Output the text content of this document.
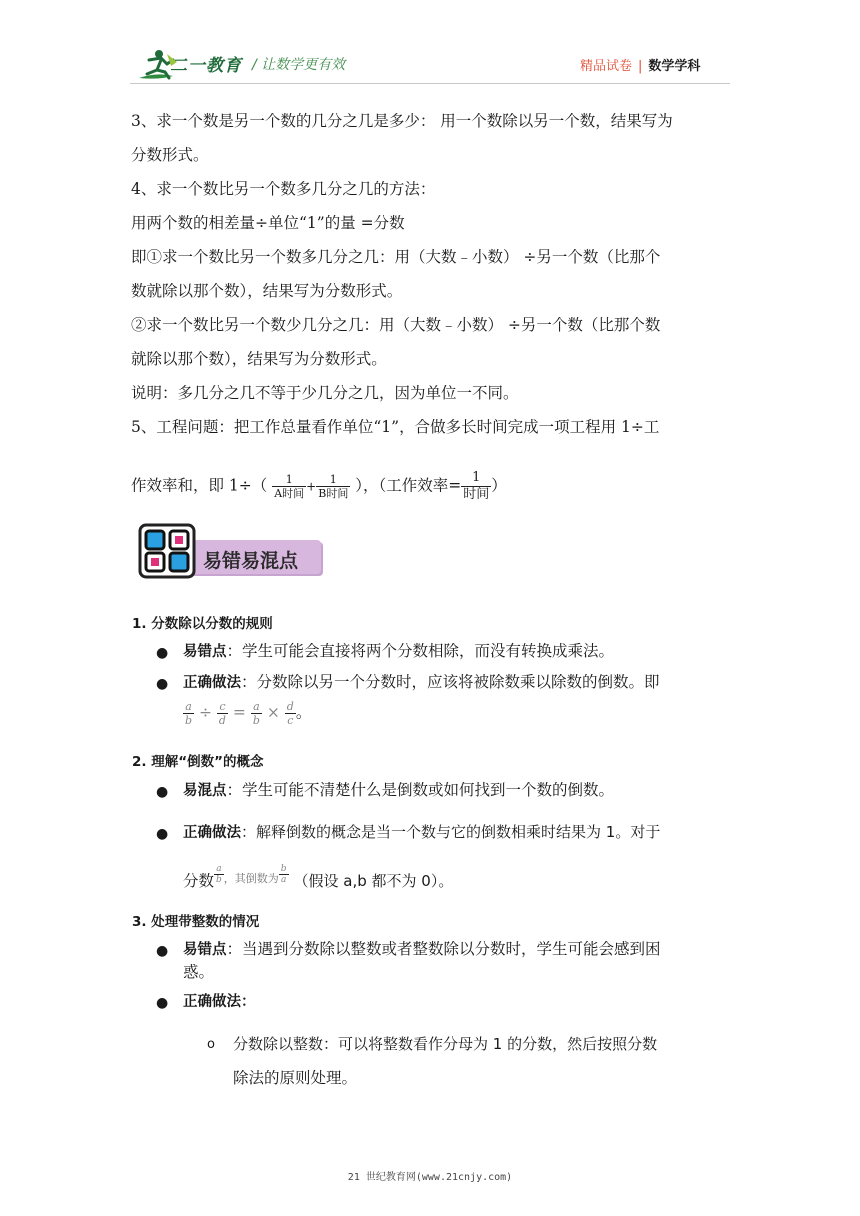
二一教育 / 让数学更有效	精品试卷 | 数学学科
3、求一个数是另一个数的几分之几是多少： 用一个数除以另一个数，结果写为
分数形式。
4、求一个数比另一个数多几分之几的方法：
用两个数的相差量÷单位“1”的量 =分数
即①求一个数比另一个数多几分之几：用（大数﹣小数） ÷另一个数（比那个
数就除以那个数），结果写为分数形式。
②求一个数比另一个数少几分之几：用（大数﹣小数） ÷另一个数（比那个数
就除以那个数），结果写为分数形式。
说明：多几分之几不等于少几分之几，因为单位一不同。
5、工程问题：把工作总量看作单位“1”，合做多长时间完成一项工程用 1÷工
作效率和，即 $1\div( \frac{1}{\text{A时间}} + \frac{1}{\text{B时间}}$ ），（工作效率= $\frac{1}{\text{时间}}$ ）
易错易混点
1. 分数除以分数的规则
● 易错点：学生可能会直接将两个分数相除，而没有转换成乘法。
● 正确做法：分数除以另一个分数时，应该将被除数乘以除数的倒数。即
$\frac{a}{b} \div \frac{c}{d} = \frac{a}{b} \times \frac{d}{c}$ 。
2. 理解“倒数”的概念
● 易混点：学生可能不清楚什么是倒数或如何找到一个数的倒数。
● 正确做法：解释倒数的概念是当一个数与它的倒数相乘时结果为 1。对于
分数 $\frac{a}{b} ^{,其倒数为} \frac{b}{a}$ （假设 a,b 都不为 0）。
3. 处理带整数的情况
● 易错点：当遇到分数除以整数或者整数除以分数时，学生可能会感到困
惑。
● 正确做法：
o 分数除以整数：可以将整数看作分母为 1 的分数，然后按照分数
除法的原则处理。
21 世纪教育网(www.21cnjy.com)
